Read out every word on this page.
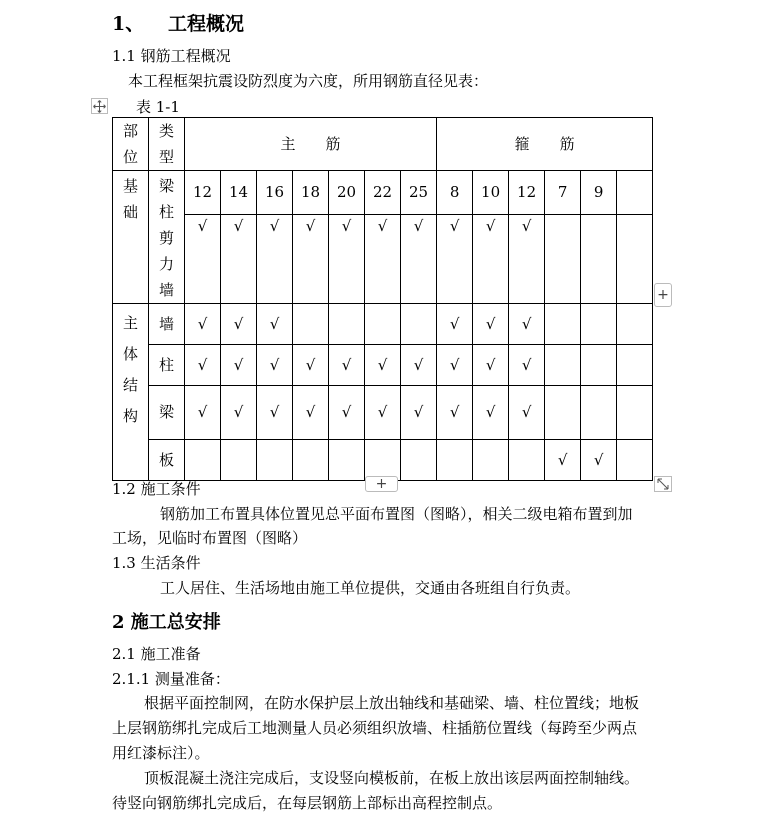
1、 工程概况
1.1 钢筋工程概况
本工程框架抗震设防烈度为六度，所用钢筋直径见表：
表 1-1
部位	类型	主　　筋							箍　　筋					

基础	梁柱剪力墙	12	14	16	18	20	22	25	8	10	12	7	9	

		√	√	√	√	√	√	√	√	√	√			

主体结构	墙	√	√	√					√	√	√			
	柱	√	√	√	√	√	√	√	√	√	√			
	梁	√	√	√	√	√	√	√	√	√	√			
	板											√	√	
+
+
1.2 施工条件
钢筋加工布置具体位置见总平面布置图（图略），相关二级电箱布置到加
工场，见临时布置图（图略）
1.3 生活条件
工人居住、生活场地由施工单位提供，交通由各班组自行负责。
2 施工总安排
2.1 施工准备
2.1.1 测量准备：
根据平面控制网，在防水保护层上放出轴线和基础梁、墙、柱位置线；地板
上层钢筋绑扎完成后工地测量人员必须组织放墙、柱插筋位置线（每跨至少两点
用红漆标注）。
顶板混凝土浇注完成后，支设竖向模板前，在板上放出该层两面控制轴线。
待竖向钢筋绑扎完成后，在每层钢筋上部标出高程控制点。
